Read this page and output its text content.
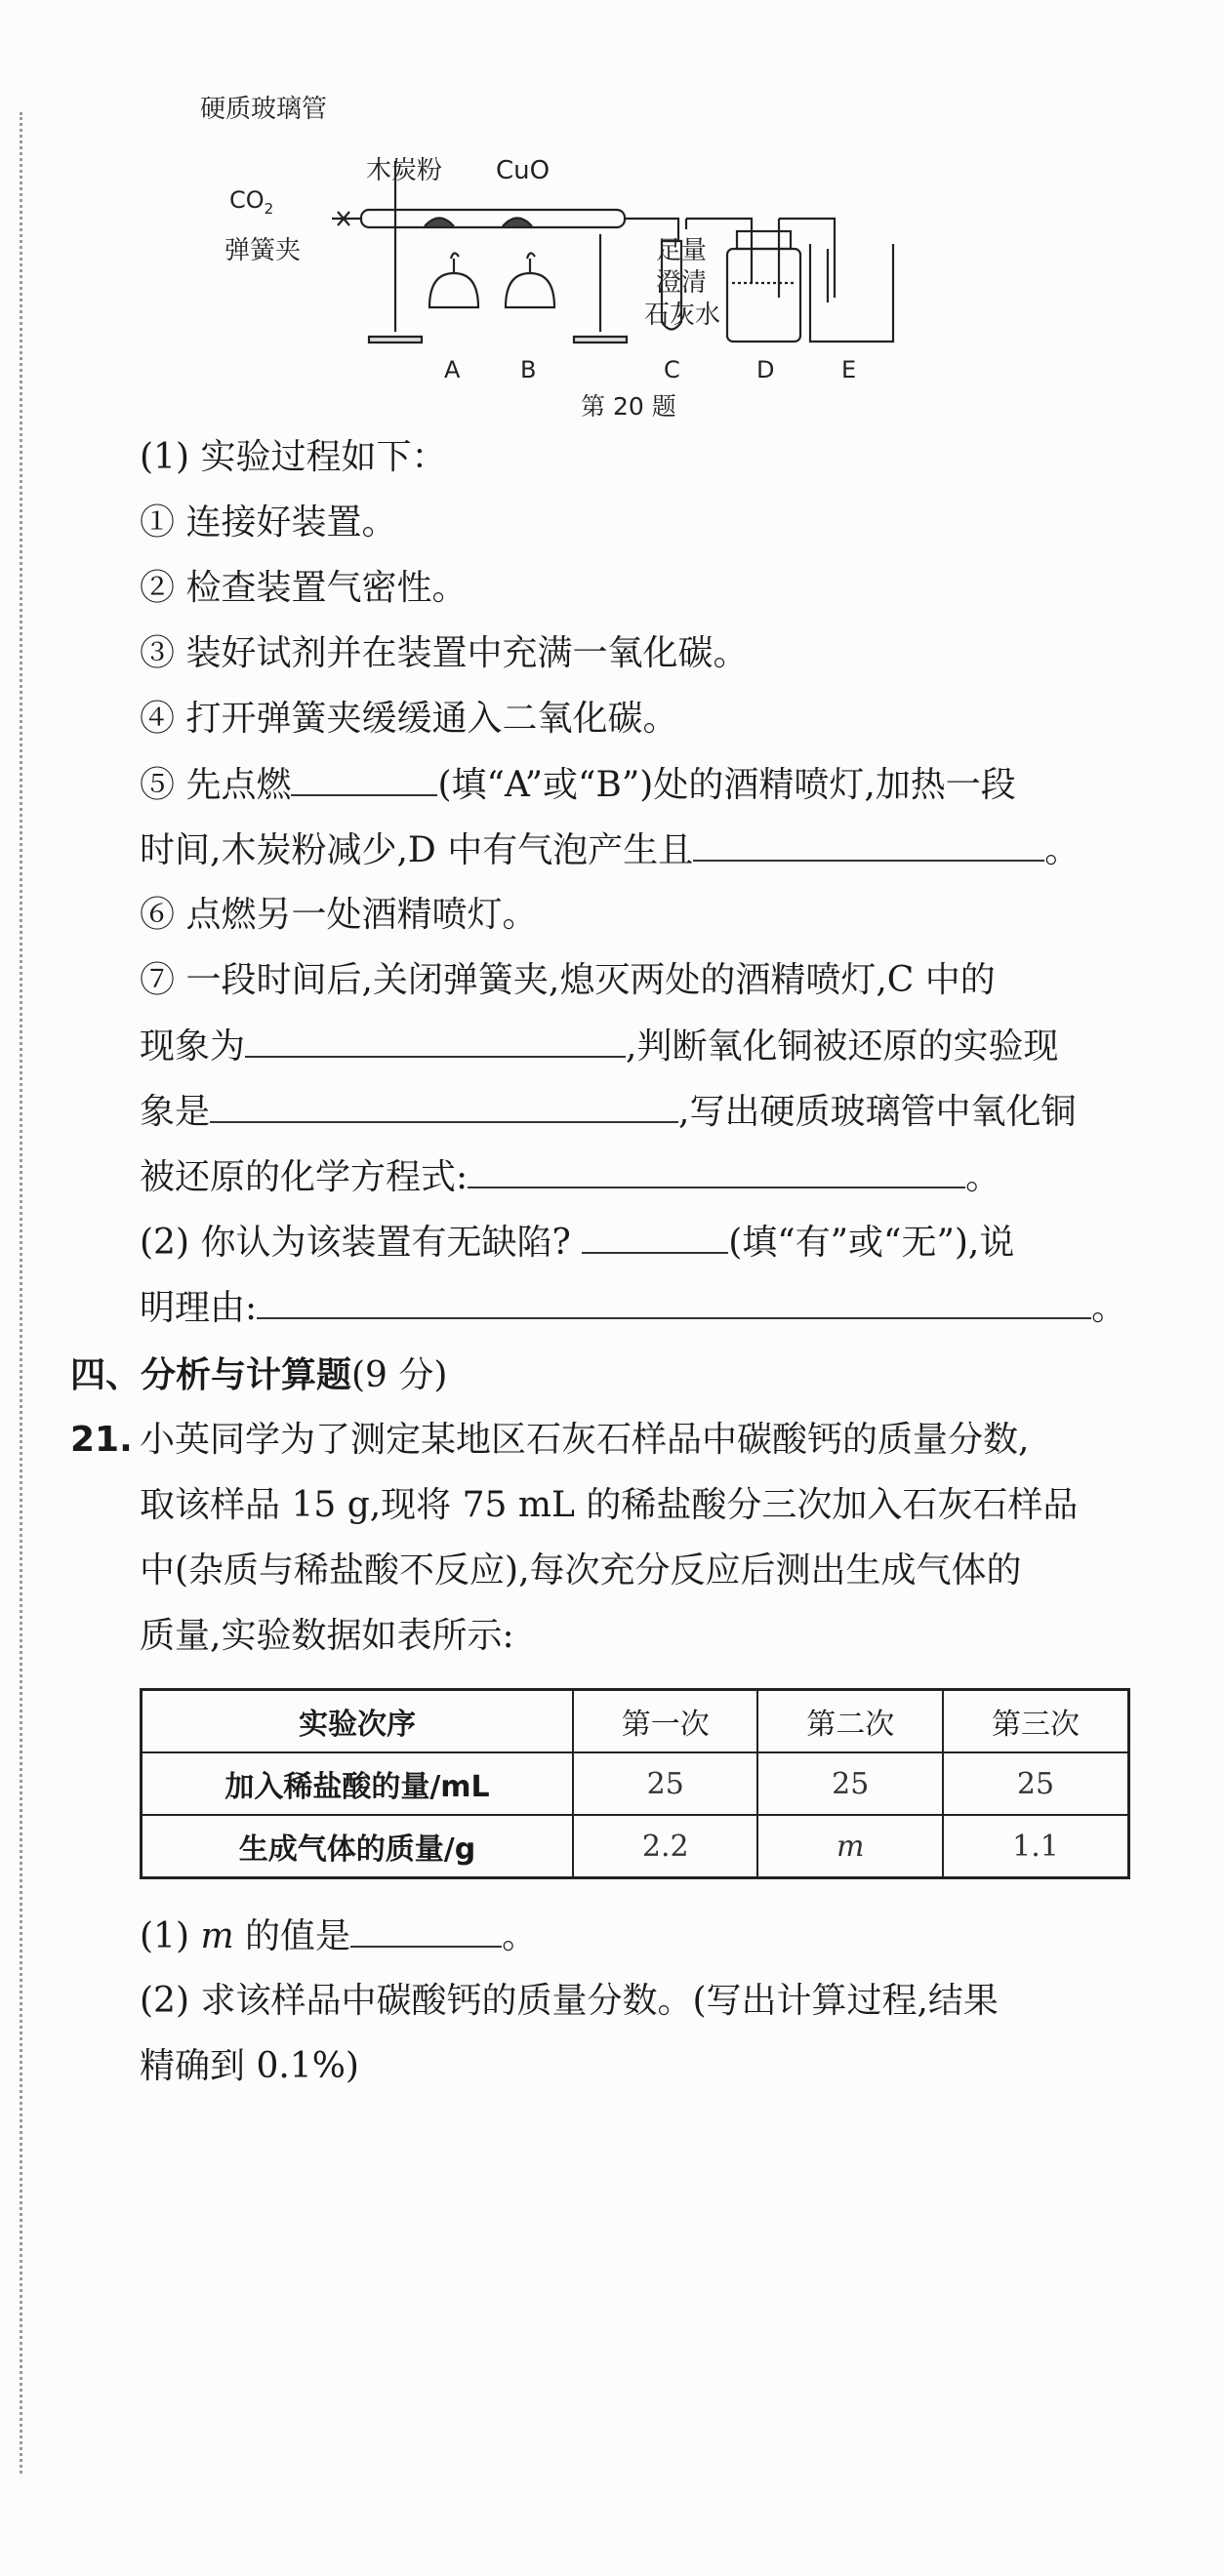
硬质玻璃管
木炭粉 CuO
$CO_2$
弹簧夹	足量
澄清
石灰水
A	B	C	D	E
第 20 题
(1) 实验过程如下：
① 连接好装置。
② 检查装置气密性。
③ 装好试剂并在装置中充满一氧化碳。
④ 打开弹簧夹缓缓通入二氧化碳。
⑤ 先点燃	(填“A”或“B”)处的酒精喷灯,加热一段
时间,木炭粉减少,D 中有气泡产生且	。
⑥ 点燃另一处酒精喷灯。
⑦ 一段时间后,关闭弹簧夹,熄灭两处的酒精喷灯,C 中的
现象为	,判断氧化铜被还原的实验现
象是	,写出硬质玻璃管中氧化铜
被还原的化学方程式:	。
(2) 你认为该装置有无缺陷?	(填“有”或“无”),说
明理由:	。
四、分析与计算题(9 分)
21. 小英同学为了测定某地区石灰石样品中碳酸钙的质量分数,
取该样品 15 g,现将 75 mL 的稀盐酸分三次加入石灰石样品
中(杂质与稀盐酸不反应),每次充分反应后测出生成气体的
质量,实验数据如表所示:
实验次序	第一次	第二次	第三次
加入稀盐酸的量/mL	25	25	25
生成气体的质量/g	2.2	m	1.1
(1) m 的值是	。
(2) 求该样品中碳酸钙的质量分数。(写出计算过程,结果
精确到 0.1%)
